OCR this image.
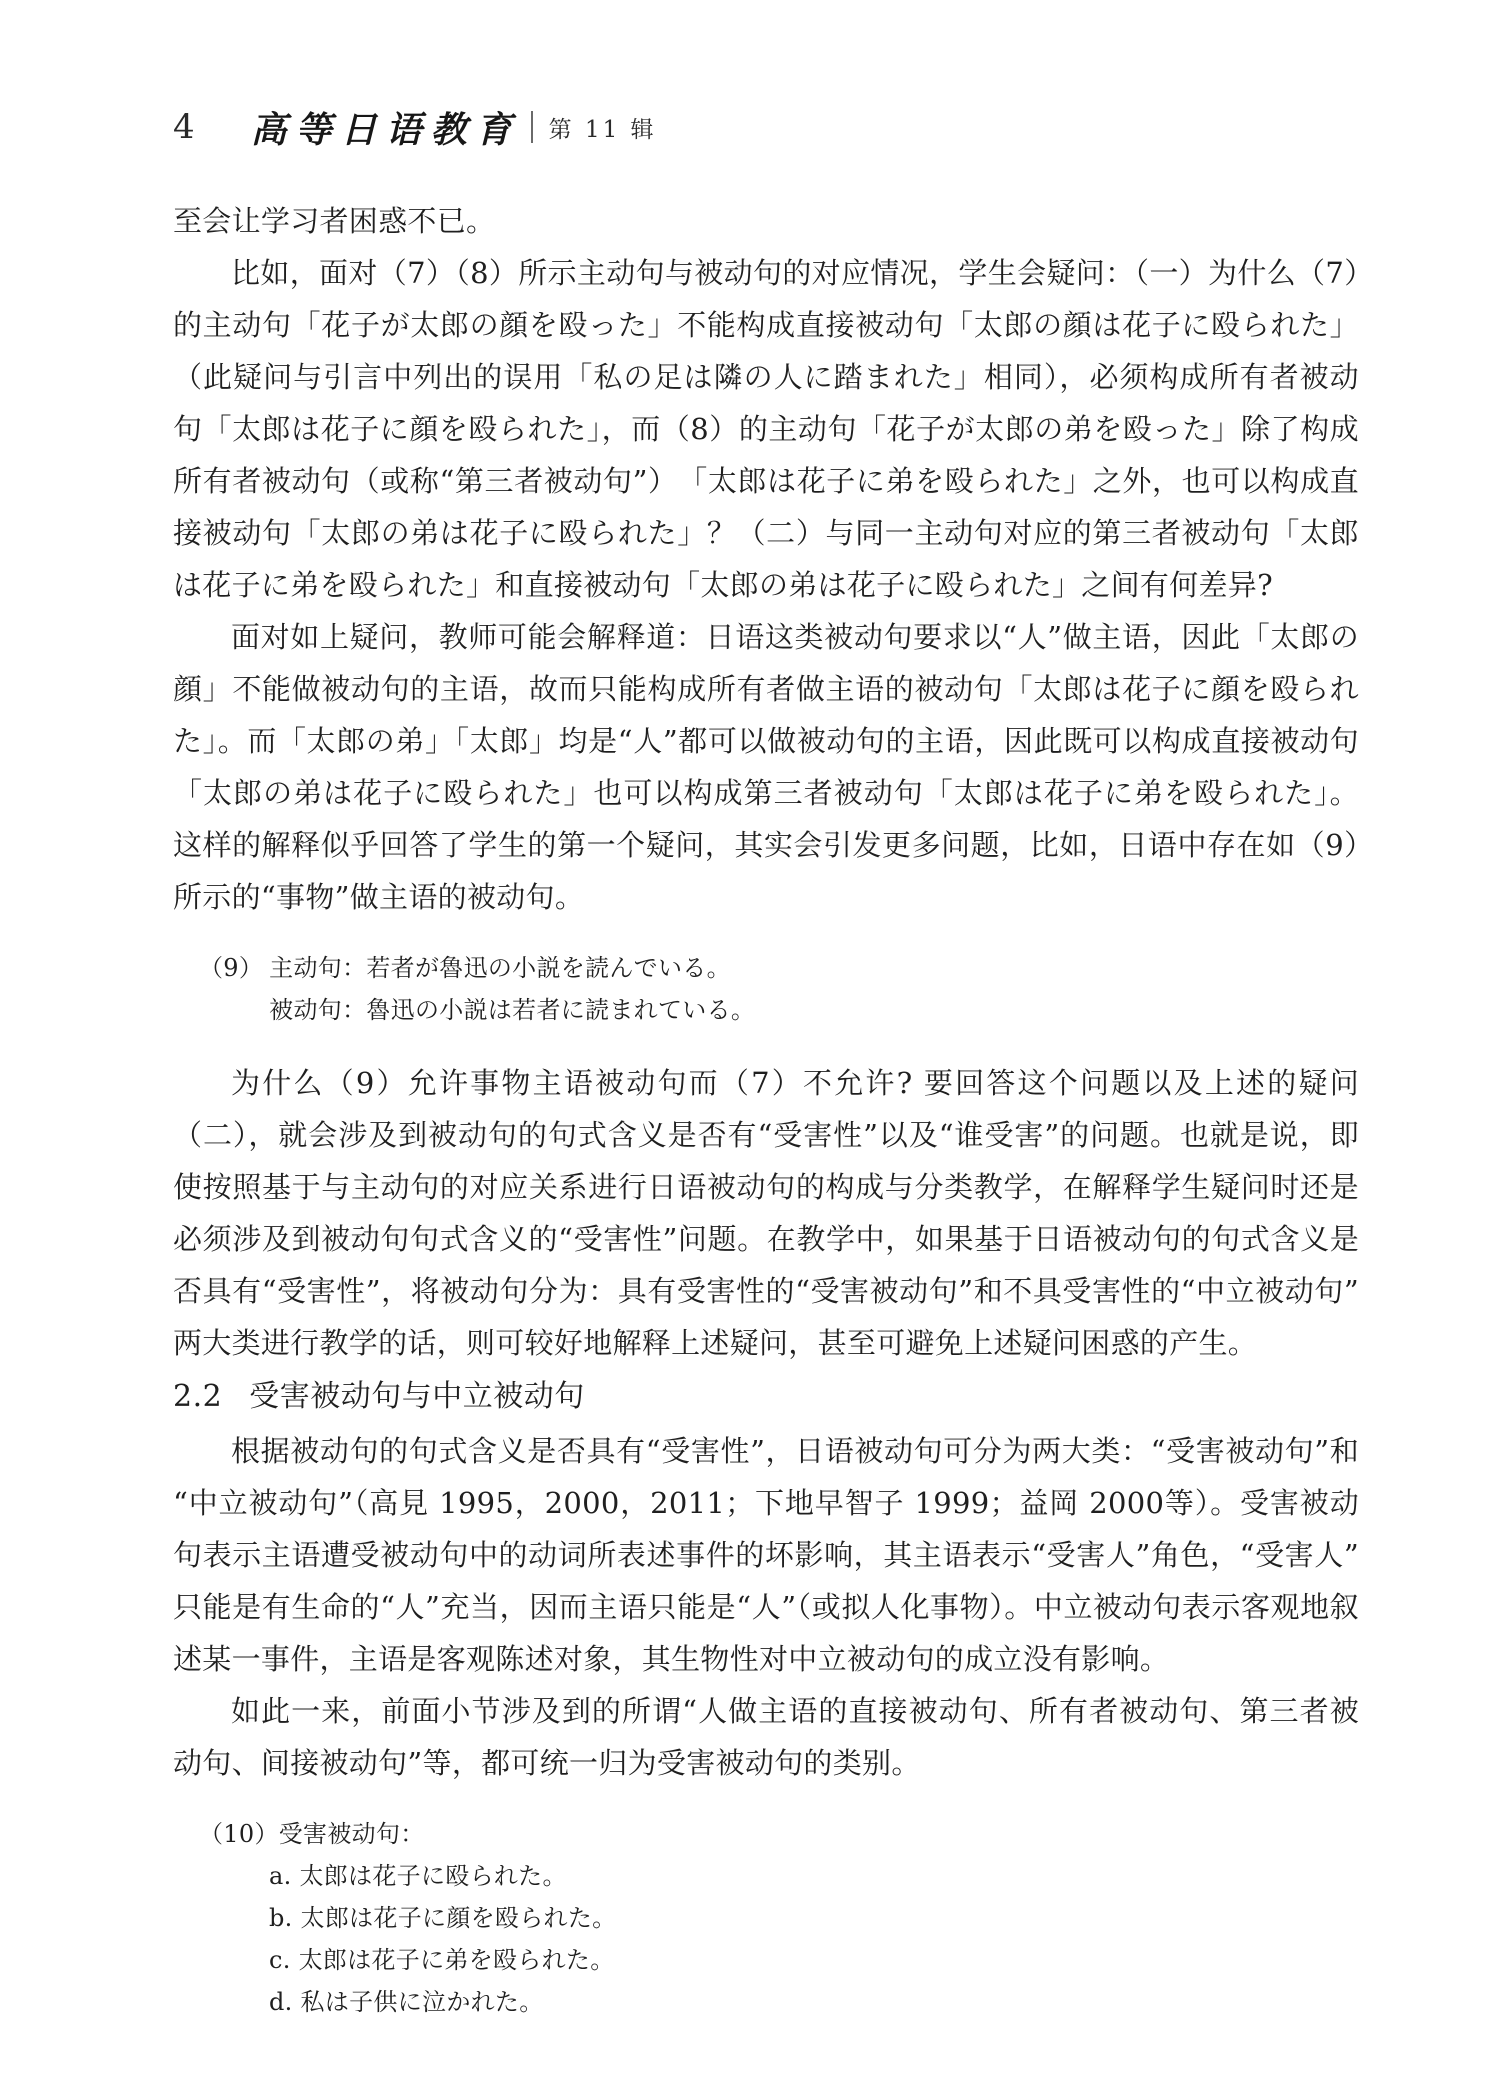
4 高等日语教育 第 11 辑

至会让学习者困惑不已。

比如，面对（7）（8）所示主动句与被动句的对应情况，学生会疑问：（一）为什么（7）的主动句「花子が太郎の顔を殴った」不能构成直接被动句「太郎の顔は花子に殴られた」（此疑问与引言中列出的误用「私の足は隣の人に踏まれた」相同），必须构成所有者被动句「太郎は花子に顔を殴られた」，而（8）的主动句「花子が太郎の弟を殴った」除了构成所有者被动句（或称“第三者被动句”）　「太郎は花子に弟を殴られた」之外，也可以构成直接被动句「太郎の弟は花子に殴られた」？（二）与同一主动句对应的第三者被动句「太郎は花子に弟を殴られた」和直接被动句「太郎の弟は花子に殴られた」之间有何差异?

面对如上疑问，教师可能会解释道：日语这类被动句要求以“人”做主语，因此「太郎の顔」不能做被动句的主语，故而只能构成所有者做主语的被动句「太郎は花子に顔を殴られた」。而「太郎の弟」「太郎」均是“人”都可以做被动句的主语，因此既可以构成直接被动句「太郎の弟は花子に殴られた」也可以构成第三者被动句「太郎は花子に弟を殴られた」。这样的解释似乎回答了学生的第一个疑问，其实会引发更多问题，比如，日语中存在如（9）所示的“事物”做主语的被动句。

（9） 主动句：若者が魯迅の小説を読んでいる。
被动句：魯迅の小説は若者に読まれている。

为什么（9）允许事物主语被动句而（7）不允许? 要回答这个问题以及上述的疑问（二），就会涉及到被动句的句式含义是否有“受害性”以及“谁受害”的问题。也就是说，即使按照基于与主动句的对应关系进行日语被动句的构成与分类教学，在解释学生疑问时还是必须涉及到被动句句式含义的“受害性”问题。在教学中，如果基于日语被动句的句式含义是否具有“受害性”，将被动句分为：具有受害性的“受害被动句”和不具受害性的“中立被动句”两大类进行教学的话，则可较好地解释上述疑问，甚至可避免上述疑问困惑的产生。

2.2 受害被动句与中立被动句

根据被动句的句式含义是否具有“受害性”，日语被动句可分为两大类：“受害被动句”和“中立被动句”（高見 1995，2000，2011；下地早智子 1999；益岡 2000等）。受害被动句表示主语遭受被动句中的动词所表述事件的坏影响，其主语表示“受害人”角色，“受害人”只能是有生命的“人”充当，因而主语只能是“人”（或拟人化事物）。中立被动句表示客观地叙述某一事件，主语是客观陈述对象，其生物性对中立被动句的成立没有影响。

如此一来，前面小节涉及到的所谓“人做主语的直接被动句、所有者被动句、第三者被动句、间接被动句”等，都可统一归为受害被动句的类别。

（10）受害被动句：
a. 太郎は花子に殴られた。
b. 太郎は花子に顔を殴られた。
c. 太郎は花子に弟を殴られた。
d. 私は子供に泣かれた。
